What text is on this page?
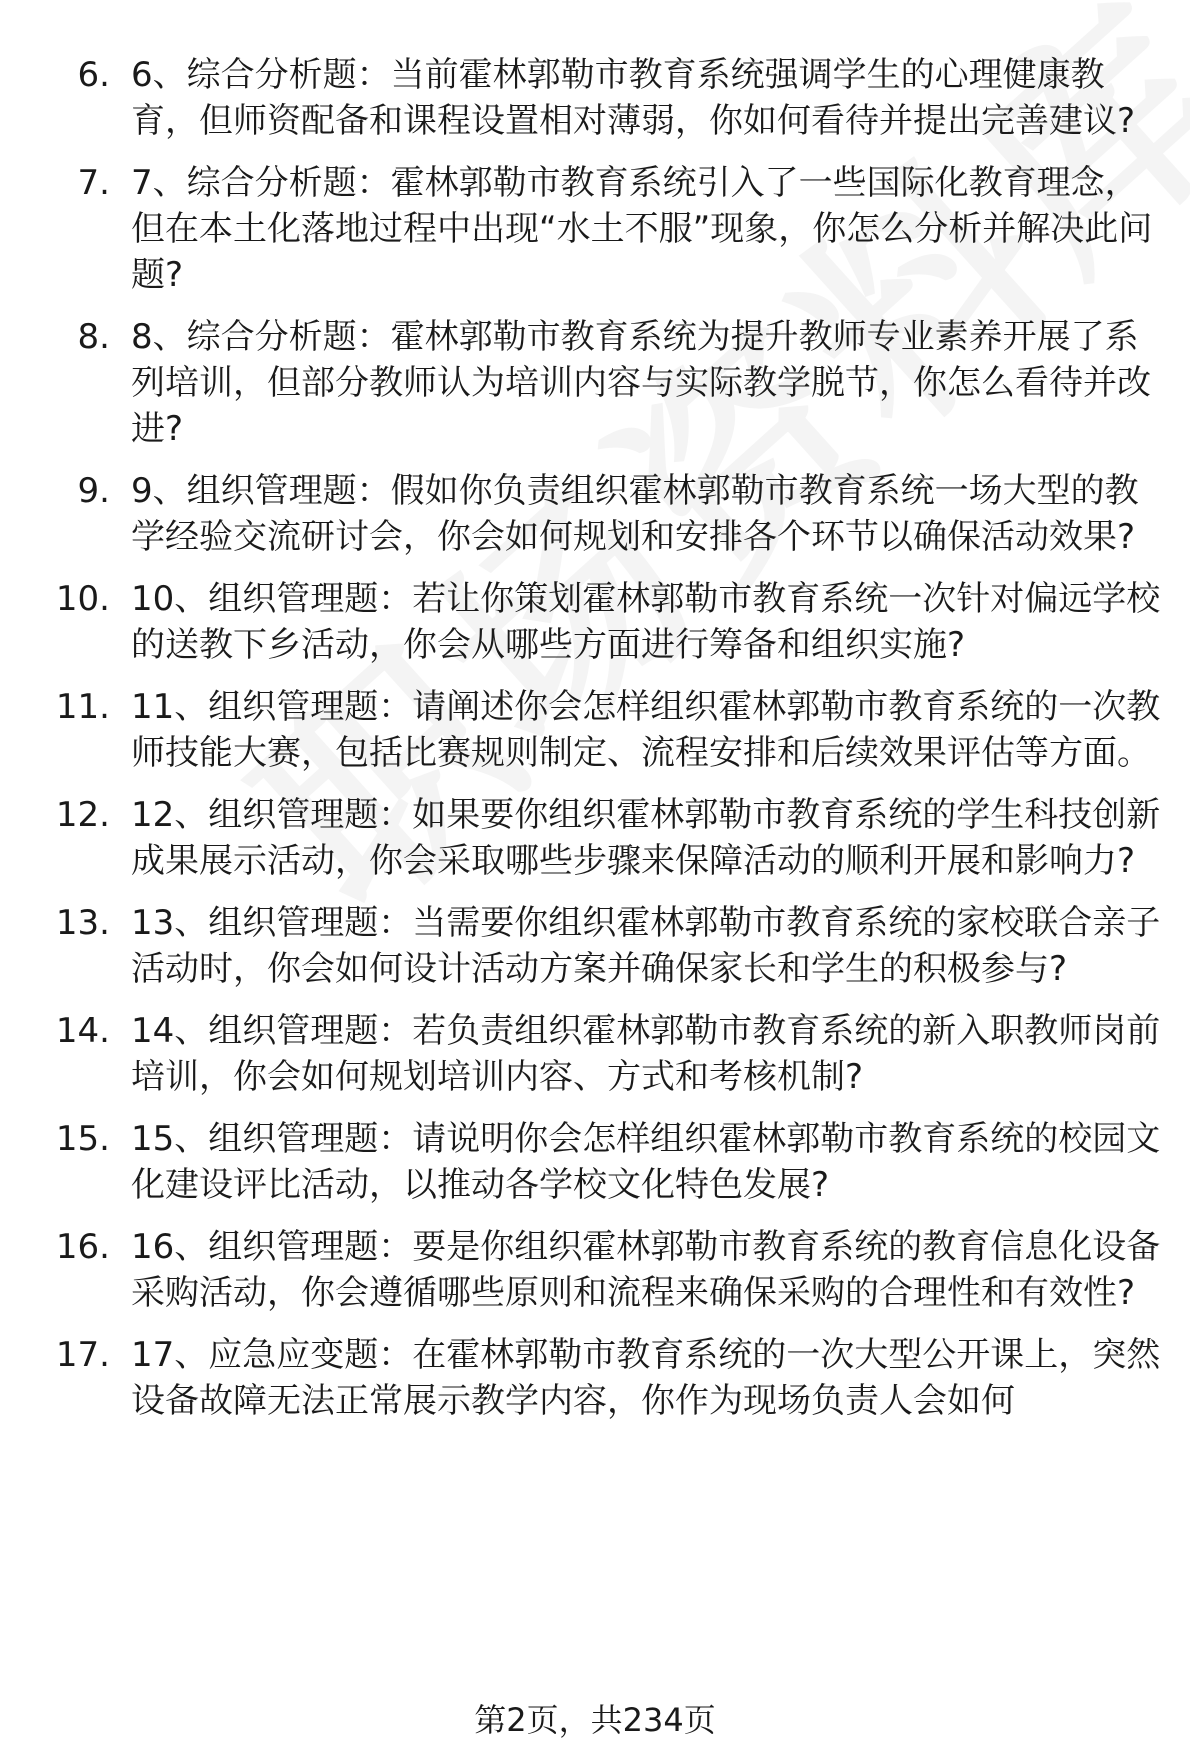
6. 6、综合分析题：当前霍林郭勒市教育系统强调学生的心理健康教育，但师资配备和课程设置相对薄弱，你如何看待并提出完善建议?
7. 7、综合分析题：霍林郭勒市教育系统引入了一些国际化教育理念，但在本土化落地过程中出现“水土不服”现象，你怎么分析并解决此问题?
8. 8、综合分析题：霍林郭勒市教育系统为提升教师专业素养开展了系列培训，但部分教师认为培训内容与实际教学脱节，你怎么看待并改进?
9. 9、组织管理题：假如你负责组织霍林郭勒市教育系统一场大型的教学经验交流研讨会，你会如何规划和安排各个环节以确保活动效果?
10. 10、组织管理题：若让你策划霍林郭勒市教育系统一次针对偏远学校的送教下乡活动，你会从哪些方面进行筹备和组织实施?
11. 11、组织管理题：请阐述你会怎样组织霍林郭勒市教育系统的一次教师技能大赛，包括比赛规则制定、流程安排和后续效果评估等方面。
12. 12、组织管理题：如果要你组织霍林郭勒市教育系统的学生科技创新成果展示活动，你会采取哪些步骤来保障活动的顺利开展和影响力?
13. 13、组织管理题：当需要你组织霍林郭勒市教育系统的家校联合亲子活动时，你会如何设计活动方案并确保家长和学生的积极参与?
14. 14、组织管理题：若负责组织霍林郭勒市教育系统的新入职教师岗前培训，你会如何规划培训内容、方式和考核机制?
15. 15、组织管理题：请说明你会怎样组织霍林郭勒市教育系统的校园文化建设评比活动，以推动各学校文化特色发展?
16. 16、组织管理题：要是你组织霍林郭勒市教育系统的教育信息化设备采购活动，你会遵循哪些原则和流程来确保采购的合理性和有效性?
17. 17、应急应变题：在霍林郭勒市教育系统的一次大型公开课上，突然设备故障无法正常展示教学内容，你作为现场负责人会如何
第2页，共234页
